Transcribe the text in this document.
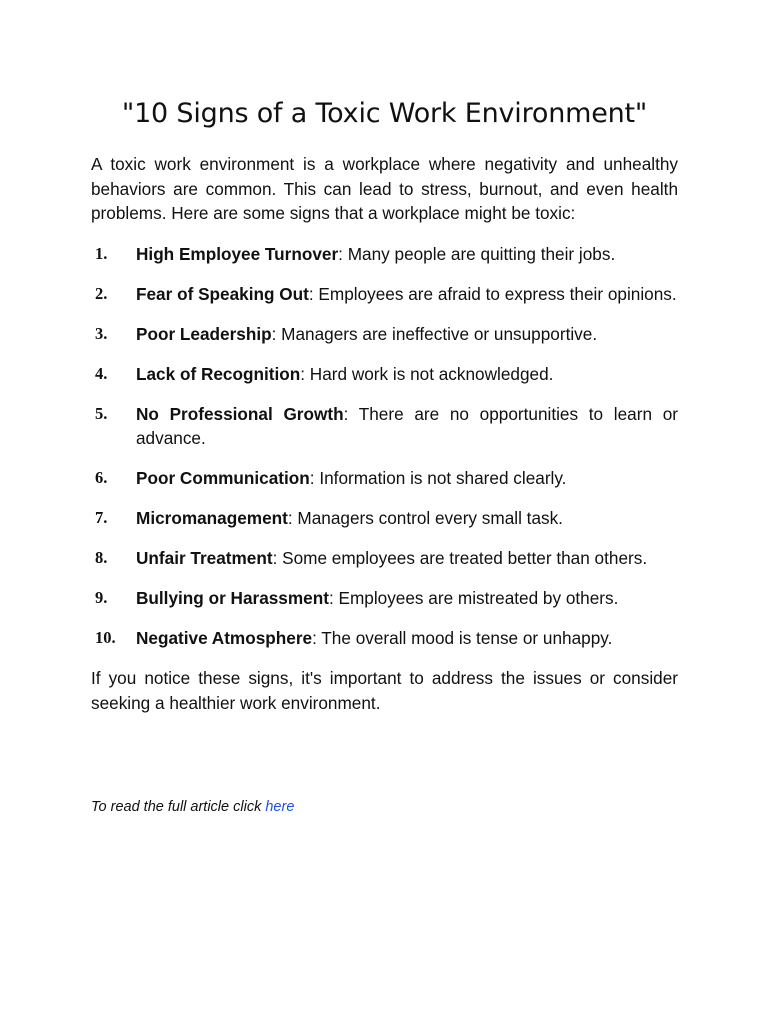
"10 Signs of a Toxic Work Environment"

A toxic work environment is a workplace where negativity and unhealthy behaviors are common. This can lead to stress, burnout, and even health problems. Here are some signs that a workplace might be toxic:

1.	High Employee Turnover: Many people are quitting their jobs.
2.	Fear of Speaking Out: Employees are afraid to express their opinions.
3.	Poor Leadership: Managers are ineffective or unsupportive.
4.	Lack of Recognition: Hard work is not acknowledged.
5.	No Professional Growth: There are no opportunities to learn or advance.
6.	Poor Communication: Information is not shared clearly.
7.	Micromanagement: Managers control every small task.
8.	Unfair Treatment: Some employees are treated better than others.
9.	Bullying or Harassment: Employees are mistreated by others.
10.	Negative Atmosphere: The overall mood is tense or unhappy.

If you notice these signs, it's important to address the issues or consider seeking a healthier work environment.

To read the full article click here
